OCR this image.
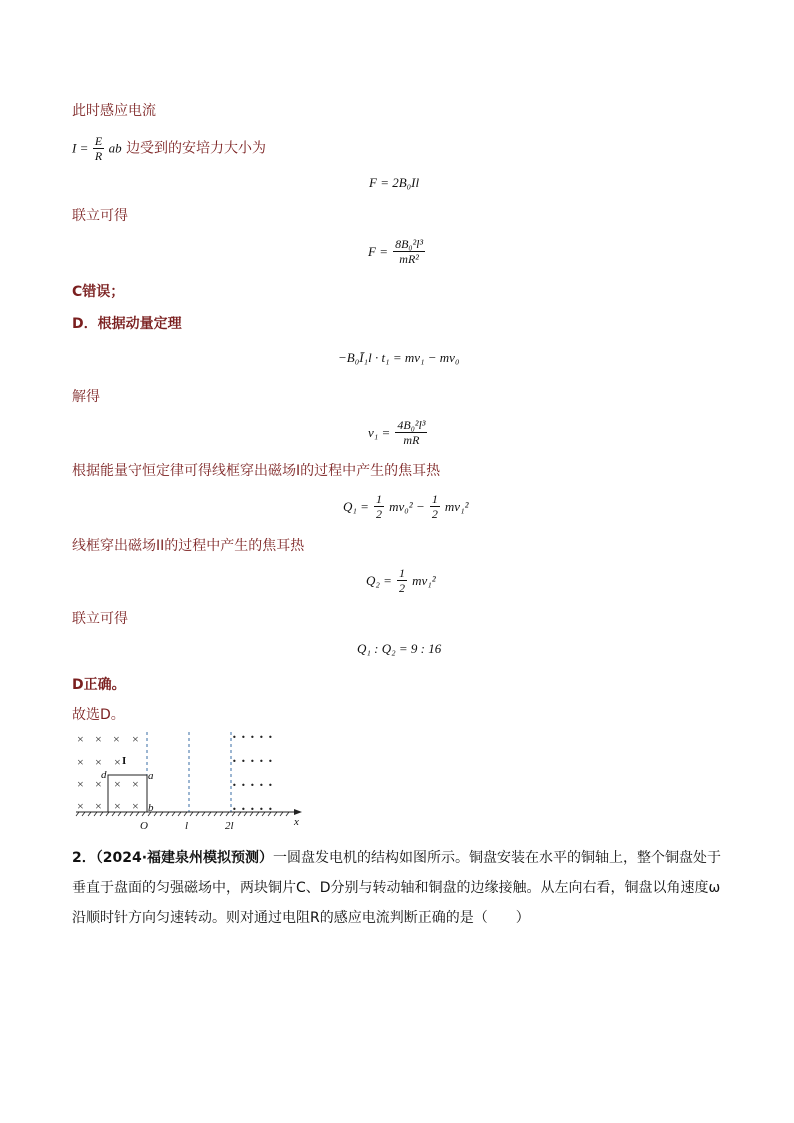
此时感应电流
$I = \frac{E}{R}$ ab 边受到的安培力大小为
F = 2B₀Il
联立可得
$F = \frac{\text{8B₀²l³}}{\text{mR²}}$
C错误；
D．根据动量定理
−B₀Ī₁l · t₁ = mv₁ − mv₀
解得
$v_1 = \frac{\text{4B₀²l³}}{mR}$
根据能量守恒定律可得线框穿出磁场I的过程中产生的焦耳热
$Q_1 = \frac{1}{2} mv_0^2 - \frac{1}{2} mv_1^2$
线框穿出磁场II的过程中产生的焦耳热
$Q_2 = \frac{1}{2} mv_1^2$
联立可得
Q₁ : Q₂ = 9 : 16
D正确。
故选D。
× × × ×
× × ×
× × × ×
× × × ×
• • • • •
• • • • •
• • • • •
• • • • •
I
d	a
b
O	l	2l	x
2．（2024·福建泉州模拟预测）一圆盘发电机的结构如图所示。铜盘安装在水平的铜轴上，整个铜盘处于垂直于盘面的匀强磁场中，两块铜片C、D分别与转动轴和铜盘的边缘接触。从左向右看，铜盘以角速度ω沿顺时针方向匀速转动。则对通过电阻R的感应电流判断正确的是（　　）
